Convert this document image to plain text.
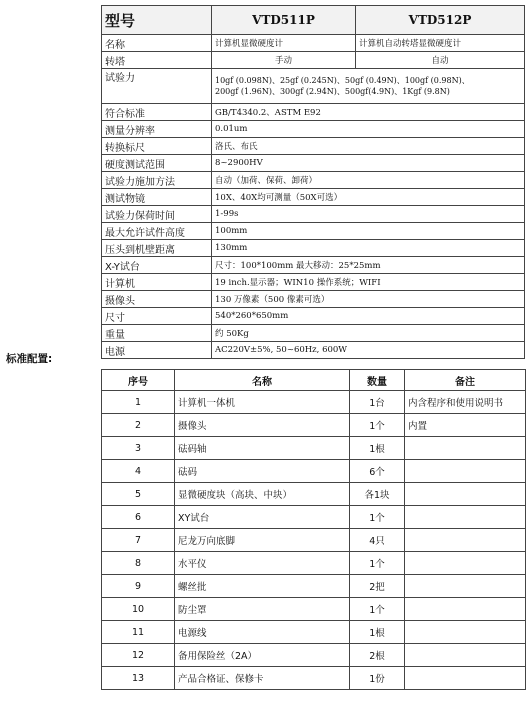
型号	VTD511P	VTD512P
名称	计算机显微硬度计	计算机自动转塔显微硬度计
转塔	手动	自动
试验力	10gf (0.098N)、25gf (0.245N)、50gf (0.49N)、100gf (0.98N)、
200gf (1.96N)、300gf (2.94N)、500gf(4.9N)、1Kgf (9.8N)	

符合标准	GB/T4340.2、ASTM E92	
测量分辨率	0.01um	
转换标尺	洛氏、布氏	
硬度测试范围	8~2900HV	
试验力施加方法	自动（加荷、保荷、卸荷）	
测试物镜	10X、40X均可测量（50X可选）	
试验力保荷时间	1-99s	
最大允许试件高度	100mm	
压头到机壁距离	130mm	
X-Y试台	尺寸：100*100mm 最大移动：25*25mm	
计算机	19 inch.显示器；WIN10 操作系统；WIFI	
摄像头	130 万像素（500 像素可选）	
尺寸	540*260*650mm	
重量	约 50Kg	
电源	AC220V±5%, 50~60Hz, 600W	
标准配置:
序号	名称	数量	备注
1	计算机一体机	1台	内含程序和使用说明书
2	摄像头	1个	内置
3	砝码轴	1根	
4	砝码	6个	
5	显微硬度块（高块、中块）	各1块	
6	XY试台	1个	
7	尼龙万向底脚	4只	
8	水平仪	1个	
9	螺丝批	2把	
10	防尘罩	1个	
11	电源线	1根	
12	备用保险丝（2A）	2根	
13	产品合格证、保修卡	1份	
